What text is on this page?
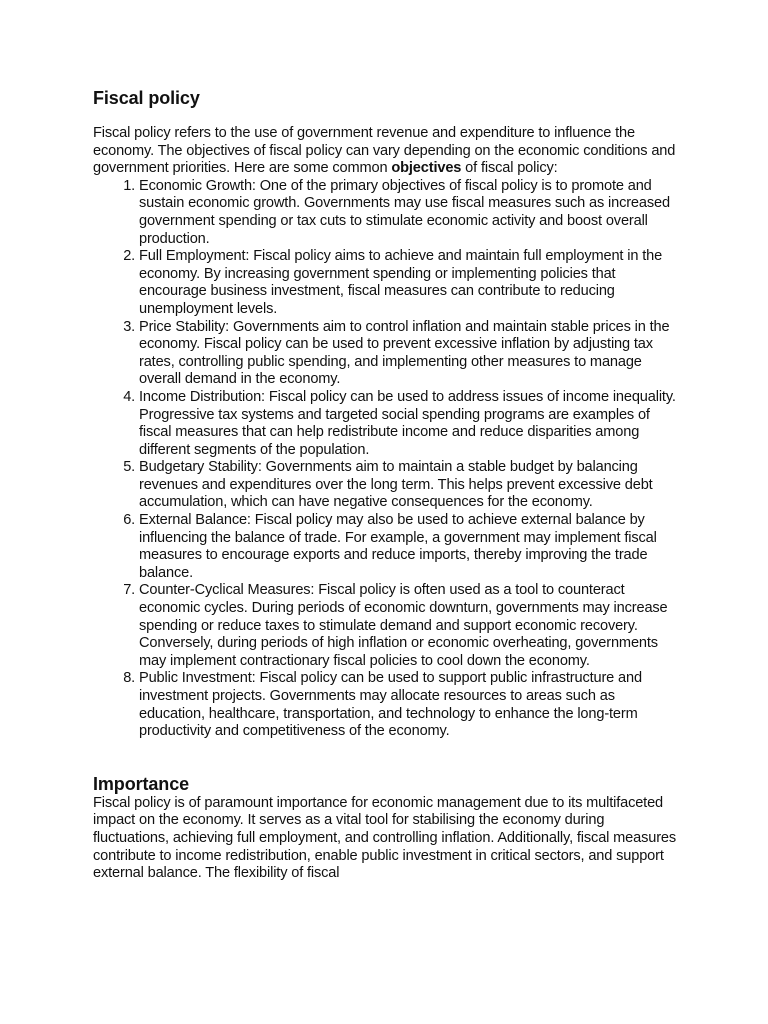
Fiscal policy

Fiscal policy refers to the use of government revenue and expenditure to influence the economy. The objectives of fiscal policy can vary depending on the economic conditions and government priorities. Here are some common objectives of fiscal policy:

1. Economic Growth: One of the primary objectives of fiscal policy is to promote and sustain economic growth. Governments may use fiscal measures such as increased government spending or tax cuts to stimulate economic activity and boost overall production.
2. Full Employment: Fiscal policy aims to achieve and maintain full employment in the economy. By increasing government spending or implementing policies that encourage business investment, fiscal measures can contribute to reducing unemployment levels.
3. Price Stability: Governments aim to control inflation and maintain stable prices in the economy. Fiscal policy can be used to prevent excessive inflation by adjusting tax rates, controlling public spending, and implementing other measures to manage overall demand in the economy.
4. Income Distribution: Fiscal policy can be used to address issues of income inequality. Progressive tax systems and targeted social spending programs are examples of fiscal measures that can help redistribute income and reduce disparities among different segments of the population.
5. Budgetary Stability: Governments aim to maintain a stable budget by balancing revenues and expenditures over the long term. This helps prevent excessive debt accumulation, which can have negative consequences for the economy.
6. External Balance: Fiscal policy may also be used to achieve external balance by influencing the balance of trade. For example, a government may implement fiscal measures to encourage exports and reduce imports, thereby improving the trade balance.
7. Counter-Cyclical Measures: Fiscal policy is often used as a tool to counteract economic cycles. During periods of economic downturn, governments may increase spending or reduce taxes to stimulate demand and support economic recovery. Conversely, during periods of high inflation or economic overheating, governments may implement contractionary fiscal policies to cool down the economy.
8. Public Investment: Fiscal policy can be used to support public infrastructure and investment projects. Governments may allocate resources to areas such as education, healthcare, transportation, and technology to enhance the long-term productivity and competitiveness of the economy.
Importance

Fiscal policy is of paramount importance for economic management due to its multifaceted impact on the economy. It serves as a vital tool for stabilising the economy during fluctuations, achieving full employment, and controlling inflation. Additionally, fiscal measures contribute to income redistribution, enable public investment in critical sectors, and support external balance. The flexibility of fiscal
